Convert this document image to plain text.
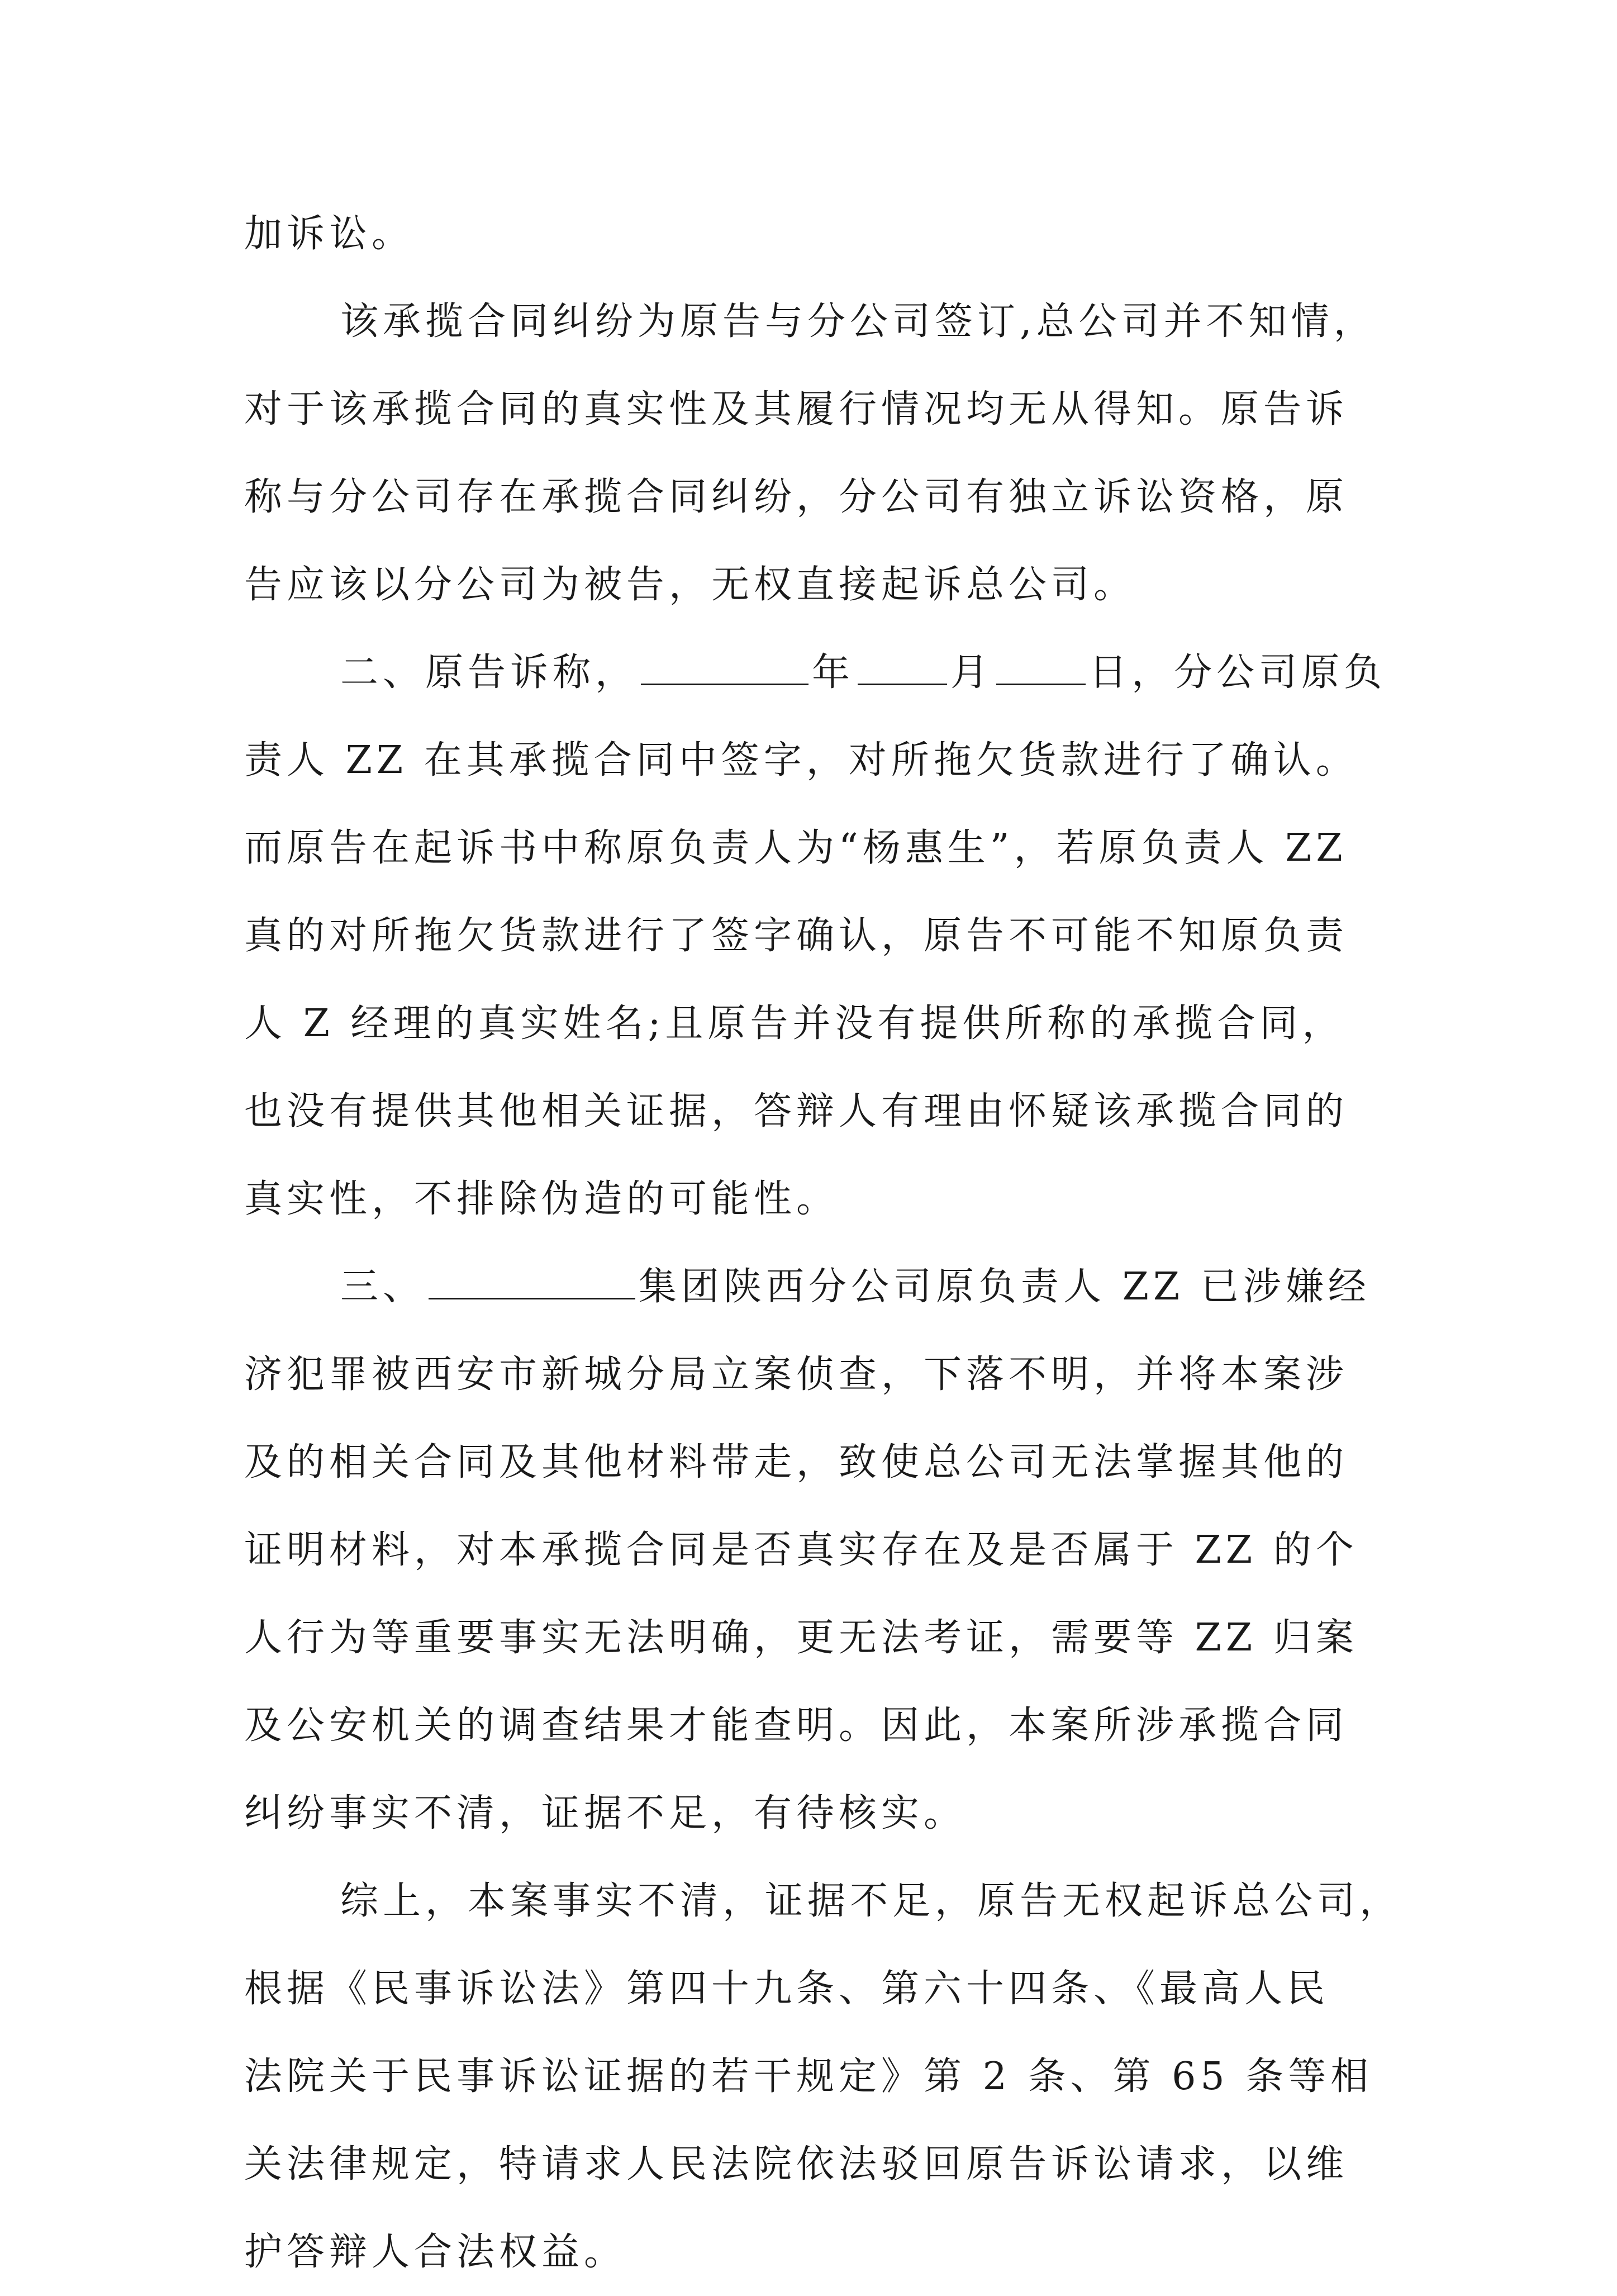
加诉讼。
该承揽合同纠纷为原告与分公司签订,总公司并不知情，
对于该承揽合同的真实性及其履行情况均无从得知。原告诉
称与分公司存在承揽合同纠纷，分公司有独立诉讼资格，原
告应该以分公司为被告，无权直接起诉总公司。
二、原告诉称，	年	月	日，分公司原负
责人 ZZ 在其承揽合同中签字，对所拖欠货款进行了确认。
而原告在起诉书中称原负责人为“杨惠生”，若原负责人 ZZ
真的对所拖欠货款进行了签字确认，原告不可能不知原负责
人 Z 经理的真实姓名;且原告并没有提供所称的承揽合同，
也没有提供其他相关证据，答辩人有理由怀疑该承揽合同的
真实性，不排除伪造的可能性。
三、	集团陕西分公司原负责人 ZZ 已涉嫌经
济犯罪被西安市新城分局立案侦查，下落不明，并将本案涉
及的相关合同及其他材料带走，致使总公司无法掌握其他的
证明材料，对本承揽合同是否真实存在及是否属于 ZZ 的个
人行为等重要事实无法明确，更无法考证，需要等 ZZ 归案
及公安机关的调查结果才能查明。因此，本案所涉承揽合同
纠纷事实不清，证据不足，有待核实。
综上，本案事实不清，证据不足，原告无权起诉总公司，
根据《民事诉讼法》第四十九条、第六十四条、《最高人民
法院关于民事诉讼证据的若干规定》第 2 条、第 65 条等相
关法律规定，特请求人民法院依法驳回原告诉讼请求，以维
护答辩人合法权益。
